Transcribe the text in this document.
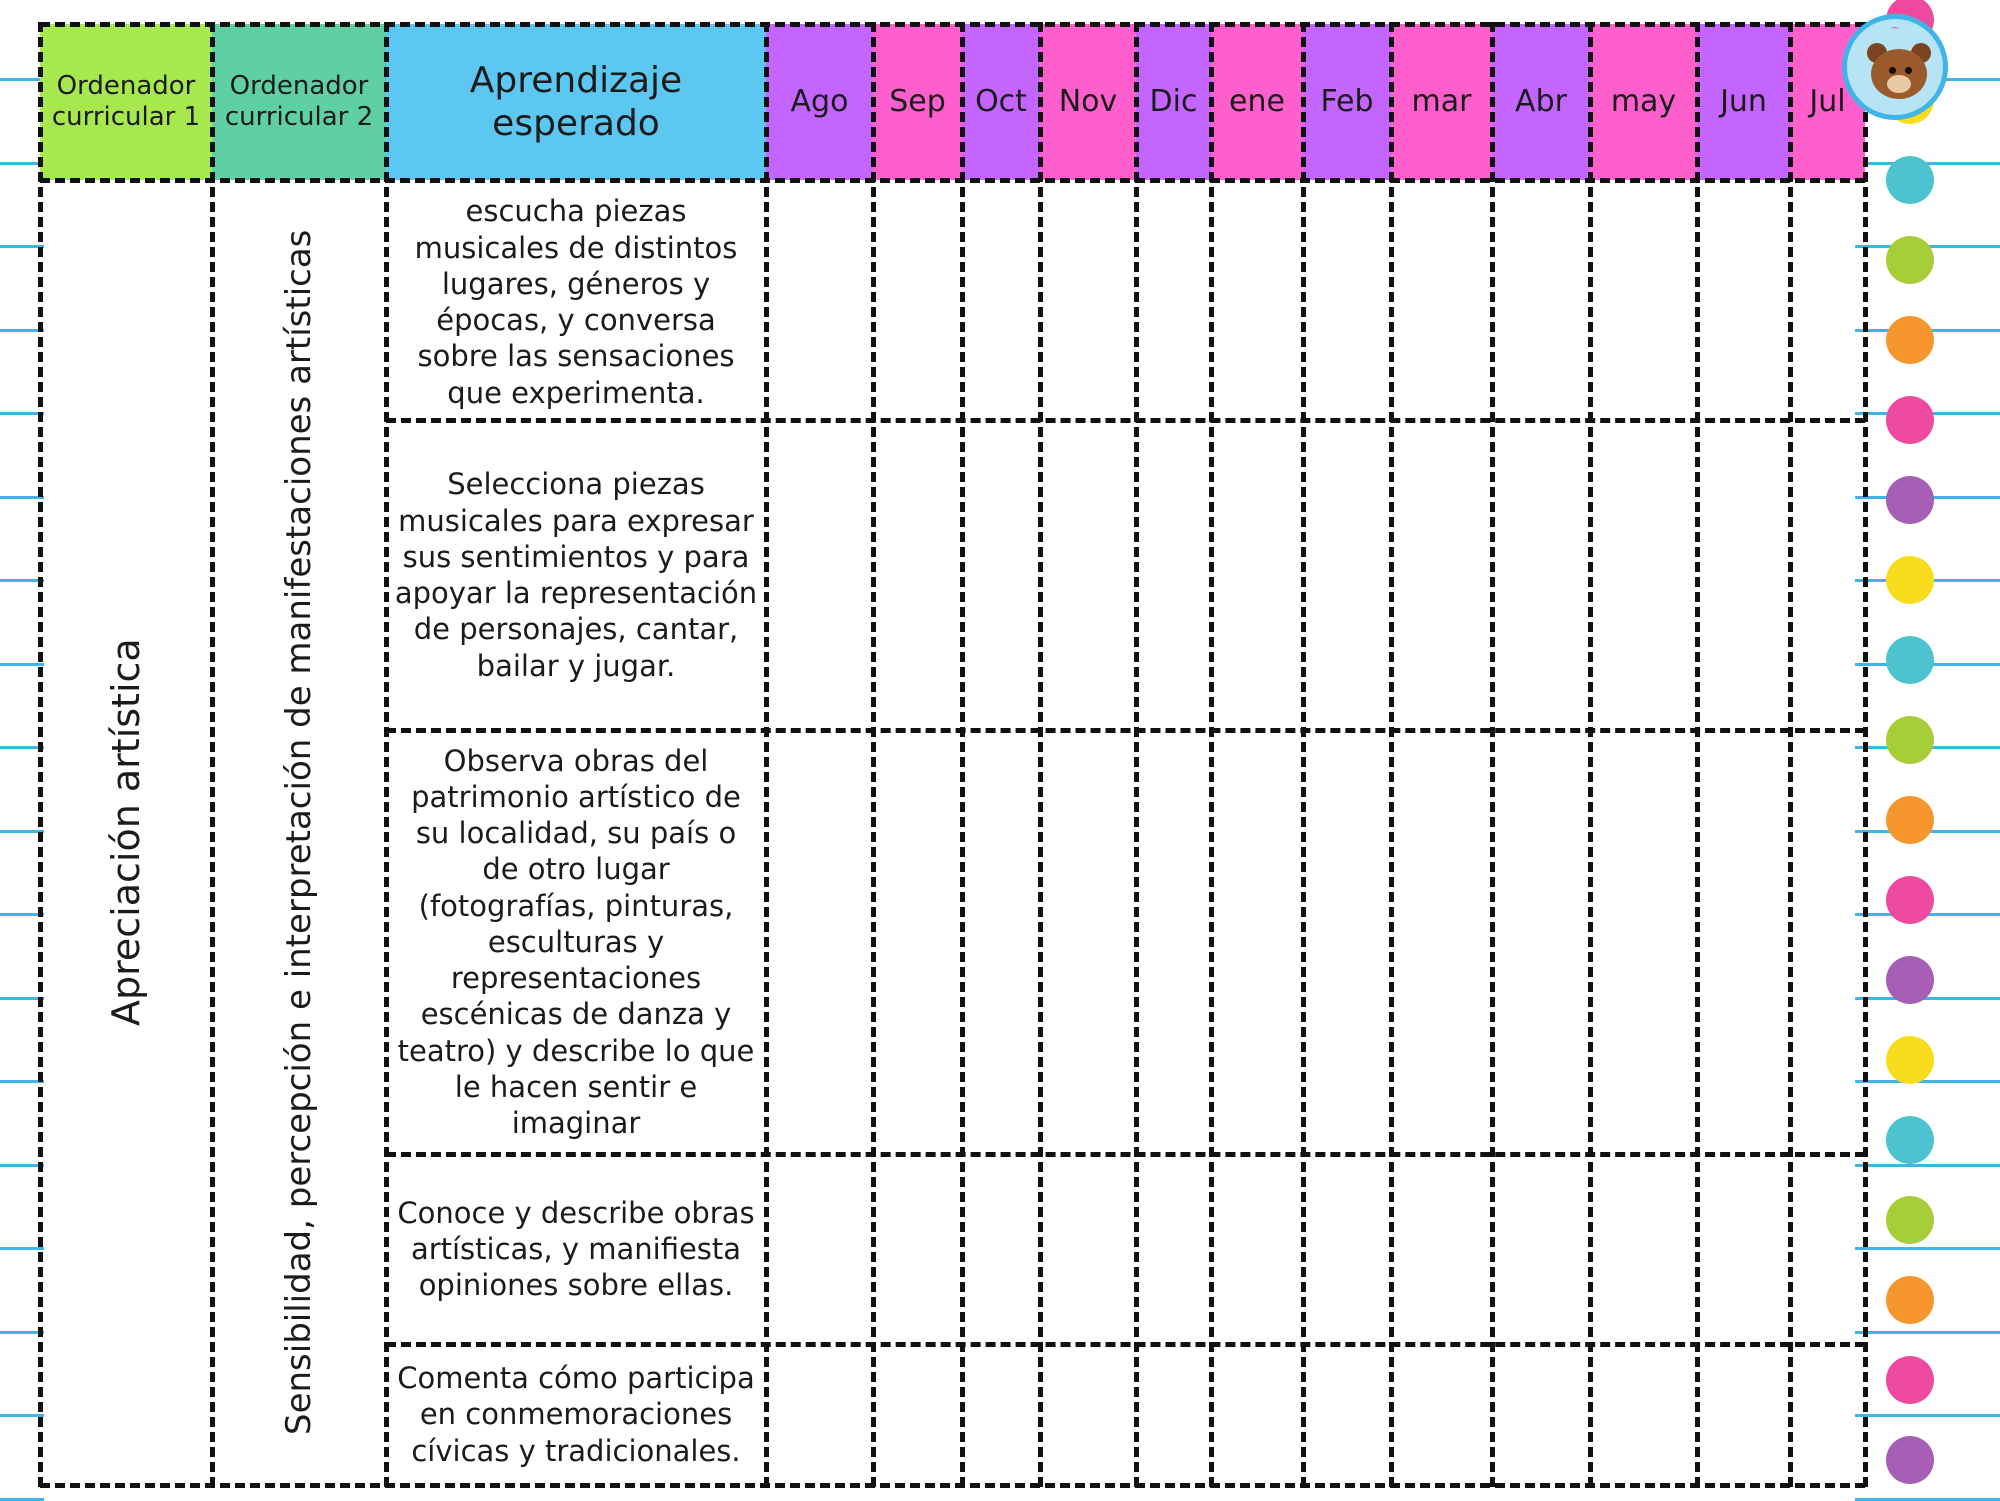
Ordenador curricular 1
Ordenador curricular 2
Aprendizaje esperado
Ago Sep Oct Nov Dic ene Feb mar Abr may Jun Jul
Apreciación artística	Sensibilidad, percepción e interpretación de manifestaciones artísticas
escucha piezas musicales de distintos lugares, géneros y épocas, y conversa sobre las sensaciones que experimenta.
Selecciona piezas musicales para expresar sus sentimientos y para apoyar la representación de personajes, cantar, bailar y jugar.
Observa obras del patrimonio artístico de su localidad, su país o de otro lugar (fotografías, pinturas, esculturas y representaciones escénicas de danza y teatro) y describe lo que le hacen sentir e imaginar
Conoce y describe obras artísticas, y manifiesta opiniones sobre ellas.
Comenta cómo participa en conmemoraciones cívicas y tradicionales.
~
